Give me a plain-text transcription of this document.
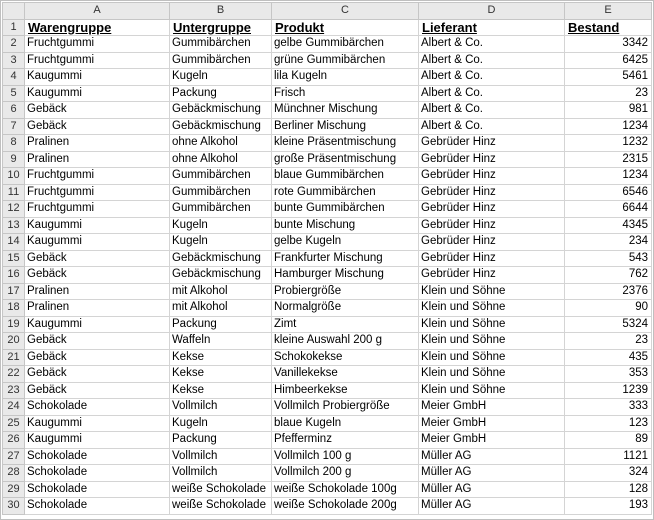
	A	B	C	D	E
1	Warengruppe	Untergruppe	Produkt	Lieferant	Bestand
2	Fruchtgummi	Gummibärchen	gelbe Gummibärchen	Albert & Co.	3342
3	Fruchtgummi	Gummibärchen	grüne Gummibärchen	Albert & Co.	6425
4	Kaugummi	Kugeln	lila Kugeln	Albert & Co.	5461
5	Kaugummi	Packung	Frisch	Albert & Co.	23
6	Gebäck	Gebäckmischung	Münchner Mischung	Albert & Co.	981
7	Gebäck	Gebäckmischung	Berliner Mischung	Albert & Co.	1234
8	Pralinen	ohne Alkohol	kleine Präsentmischung	Gebrüder Hinz	1232
9	Pralinen	ohne Alkohol	große Präsentmischung	Gebrüder Hinz	2315
10	Fruchtgummi	Gummibärchen	blaue Gummibärchen	Gebrüder Hinz	1234
11	Fruchtgummi	Gummibärchen	rote Gummibärchen	Gebrüder Hinz	6546
12	Fruchtgummi	Gummibärchen	bunte Gummibärchen	Gebrüder Hinz	6644
13	Kaugummi	Kugeln	bunte Mischung	Gebrüder Hinz	4345
14	Kaugummi	Kugeln	gelbe Kugeln	Gebrüder Hinz	234
15	Gebäck	Gebäckmischung	Frankfurter Mischung	Gebrüder Hinz	543
16	Gebäck	Gebäckmischung	Hamburger Mischung	Gebrüder Hinz	762
17	Pralinen	mit Alkohol	Probiergröße	Klein und Söhne	2376
18	Pralinen	mit Alkohol	Normalgröße	Klein und Söhne	90
19	Kaugummi	Packung	Zimt	Klein und Söhne	5324
20	Gebäck	Waffeln	kleine Auswahl 200 g	Klein und Söhne	23
21	Gebäck	Kekse	Schokokekse	Klein und Söhne	435
22	Gebäck	Kekse	Vanillekekse	Klein und Söhne	353
23	Gebäck	Kekse	Himbeerkekse	Klein und Söhne	1239
24	Schokolade	Vollmilch	Vollmilch Probiergröße	Meier GmbH	333
25	Kaugummi	Kugeln	blaue Kugeln	Meier GmbH	123
26	Kaugummi	Packung	Pfefferminz	Meier GmbH	89
27	Schokolade	Vollmilch	Vollmilch 100 g	Müller AG	1121
28	Schokolade	Vollmilch	Vollmilch 200 g	Müller AG	324
29	Schokolade	weiße Schokolade	weiße Schokolade 100g	Müller AG	128
30	Schokolade	weiße Schokolade	weiße Schokolade 200g	Müller AG	193
